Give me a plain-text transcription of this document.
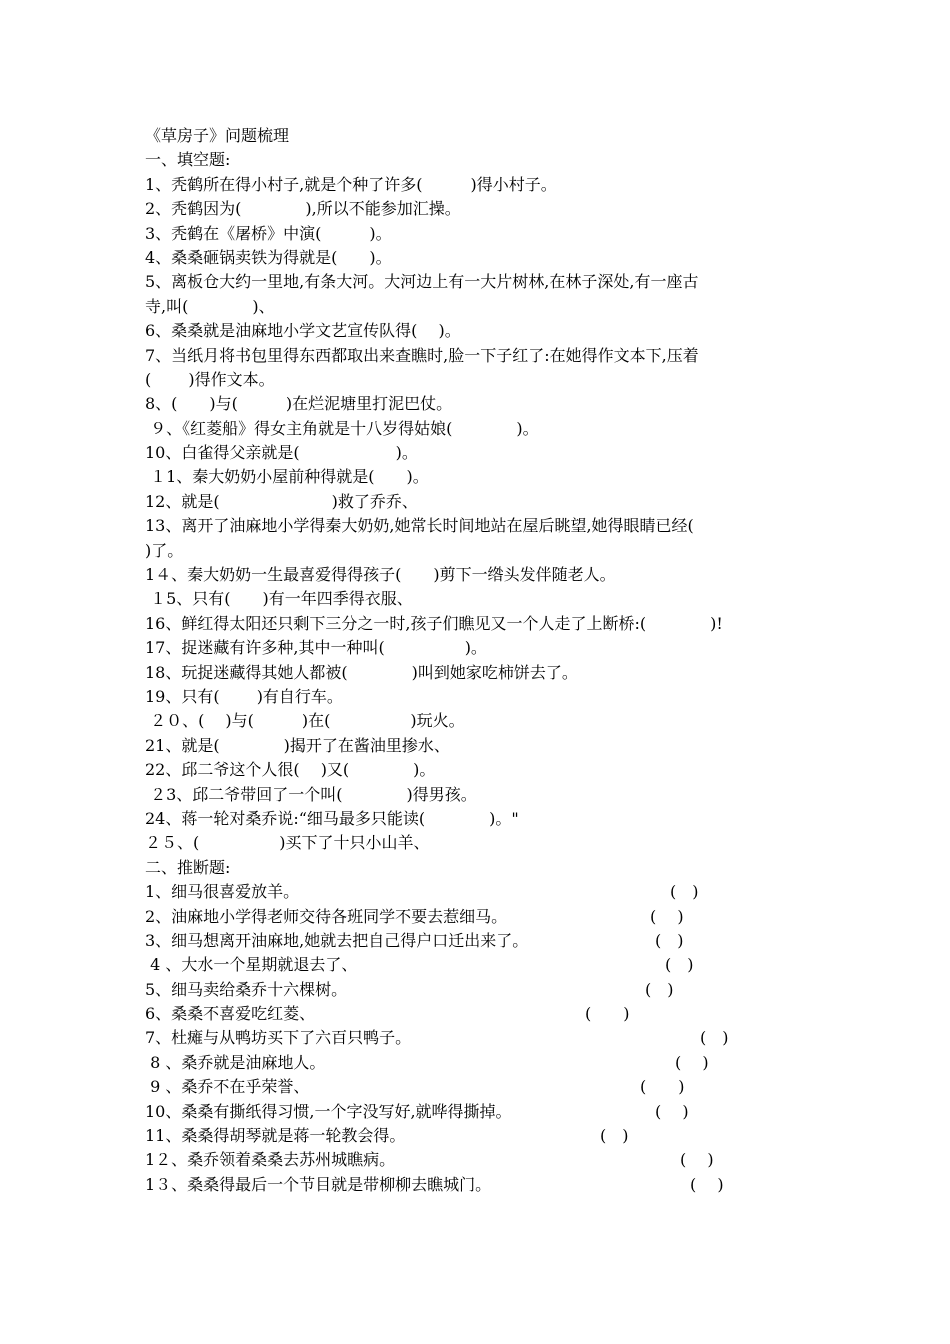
《草房子》问题梳理
一、填空题:
1、秃鹤所在得小村子,就是个种了许多(　　　)得小村子。
2、秃鹤因为(　　　　),所以不能参加汇操。
3、秃鹤在《屠桥》中演(　　　)。
4、桑桑砸锅卖铁为得就是(　　)。
5、离板仓大约一里地,有条大河。大河边上有一大片树林,在林子深处,有一座古
寺,叫(　　　　)、
6、桑桑就是油麻地小学文艺宣传队得(　 )。
7、当纸月将书包里得东西都取出来查瞧时,脸一下子红了:在她得作文本下,压着
(　　 )得作文本。
8、(　　)与(　　　)在烂泥塘里打泥巴仗。
９、《红菱船》得女主角就是十八岁得姑娘(　　　　)。
10、白雀得父亲就是(　　　　　　)。
１1、秦大奶奶小屋前种得就是(　　)。
12、就是(　　　　　　　)救了乔乔、
13、离开了油麻地小学得秦大奶奶,她常长时间地站在屋后眺望,她得眼睛已经(
)了。
1４、秦大奶奶一生最喜爱得得孩子(　　)剪下一绺头发伴随老人。
１5、只有(　　)有一年四季得衣服、
16、鲜红得太阳还只剩下三分之一时,孩子们瞧见又一个人走了上断桥:(　　　　)!
17、捉迷藏有许多种,其中一种叫(　　　　　)。
18、玩捉迷藏得其她人都被(　　　　)叫到她家吃柿饼去了。
19、只有(　　 )有自行车。
２０、(　 )与(　　　)在(　　　　　)玩火。
21、就是(　　　　)揭开了在酱油里掺水、
22、邱二爷这个人很(　 )又(　　　　)。
２3、邱二爷带回了一个叫(　　　　)得男孩。
24、蒋一轮对桑乔说:“细马最多只能读(　　　　)。"
２５、(　　　　　)买下了十只小山羊、
二、推断题:
1、细马很喜爱放羊。	(　)
2、油麻地小学得老师交待各班同学不要去惹细马。	(　 )
3、细马想离开油麻地,她就去把自己得户口迁出来了。	(　)
4 、大水一个星期就退去了、	(　)
5、细马卖给桑乔十六棵树。	(　)
6、桑桑不喜爱吃红菱、	(　　)
7、杜瘫与从鸭坊买下了六百只鸭子。	(　)
8 、桑乔就是油麻地人。	(　 )
9 、桑乔不在乎荣誉、	(　　)
10、桑桑有撕纸得习惯,一个字没写好,就哗得撕掉。	(　 )
11、桑桑得胡琴就是蒋一轮教会得。	(　)
1２、桑乔领着桑桑去苏州城瞧病。	(　 )
1３、桑桑得最后一个节目就是带柳柳去瞧城门。	(　 )
